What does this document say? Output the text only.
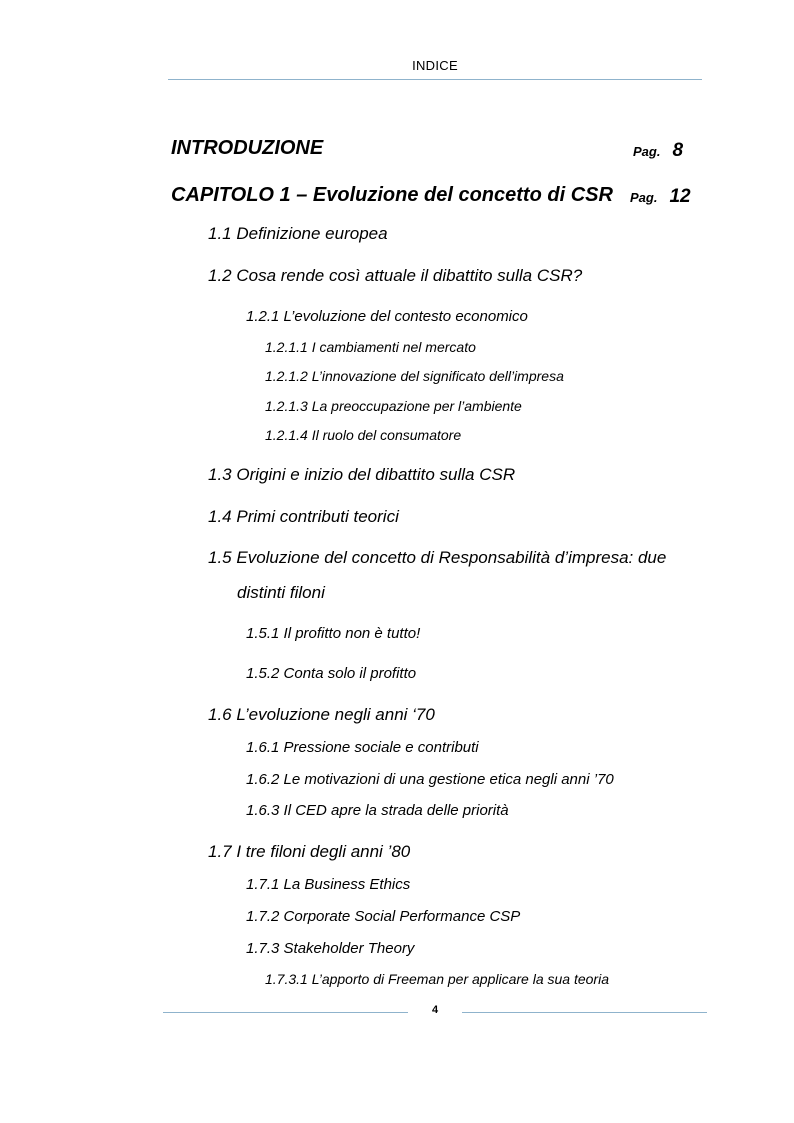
INDICE
INTRODUZIONE	Pag. 8
CAPITOLO 1 – Evoluzione del concetto di CSR Pag. 12
1.1 Definizione europea
1.2 Cosa rende così attuale il dibattito sulla CSR?
1.2.1 L’evoluzione del contesto economico
1.2.1.1 I cambiamenti nel mercato
1.2.1.2 L’innovazione del significato dell’impresa
1.2.1.3 La preoccupazione per l’ambiente
1.2.1.4 Il ruolo del consumatore
1.3 Origini e inizio del dibattito sulla CSR
1.4 Primi contributi teorici
1.5 Evoluzione del concetto di Responsabilità d’impresa: due
distinti filoni
1.5.1 Il profitto non è tutto!
1.5.2 Conta solo il profitto
1.6 L’evoluzione negli anni ‘70
1.6.1 Pressione sociale e contributi
1.6.2 Le motivazioni di una gestione etica negli anni ’70
1.6.3 Il CED apre la strada delle priorità
1.7 I tre filoni degli anni ’80
1.7.1 La Business Ethics
1.7.2 Corporate Social Performance CSP
1.7.3 Stakeholder Theory
1.7.3.1 L’apporto di Freeman per applicare la sua teoria
4
